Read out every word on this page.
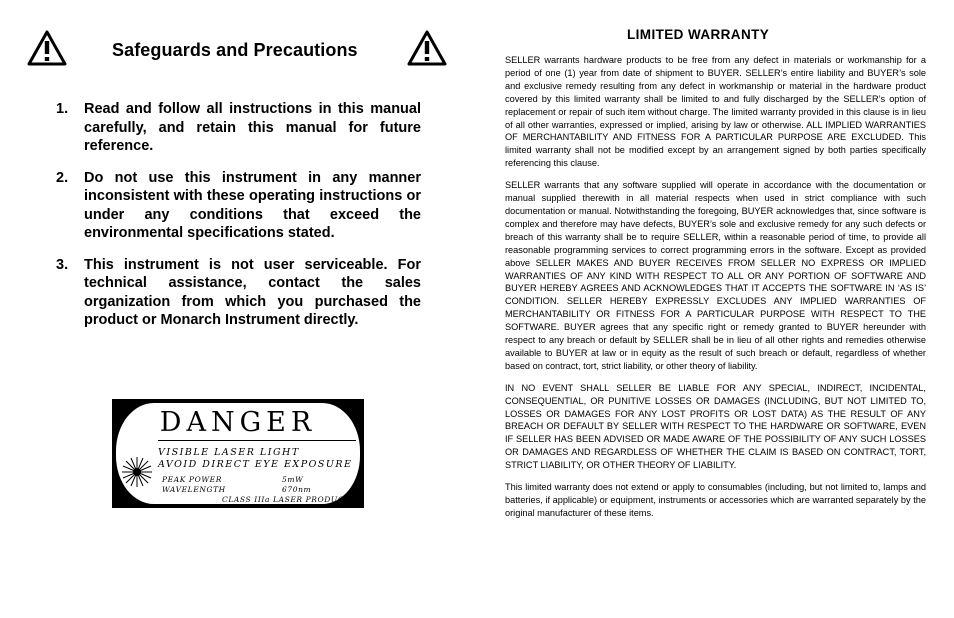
Safeguards and Precautions
1. Read and follow all instructions in this manual carefully, and retain this manual for future reference.
2. Do not use this instrument in any manner inconsistent with these operating instructions or under any conditions that exceed the environmental specifications stated.
3. This instrument is not user serviceable. For technical assistance, contact the sales organization from which you purchased the product or Monarch Instrument directly.
DANGER
VISIBLE LASER LIGHT
AVOID DIRECT EYE EXPOSURE
PEAK POWER	5mW
WAVELENGTH	670nm
CLASS IIIa LASER PRODUCT
LIMITED WARRANTY

SELLER warrants hardware products to be free from any defect in materials or workmanship for a period of one (1) year from date of shipment to BUYER. SELLER’s entire liability and BUYER’s sole and exclusive remedy resulting from any defect in workmanship or material in the hardware product covered by this limited warranty shall be limited to and fully discharged by the SELLER’s option of replacement or repair of such item without charge. The limited warranty provided in this clause is in lieu of all other warranties, expressed or implied, arising by law or otherwise. ALL IMPLIED WARRANTIES OF MERCHANTABILITY AND FITNESS FOR A PARTICULAR PURPOSE ARE EXCLUDED. This limited warranty shall not be modified except by an arrangement signed by both parties specifically referencing this clause.

SELLER warrants that any software supplied will operate in accordance with the documentation or manual supplied therewith in all material respects when used in strict compliance with such documentation or manual. Notwithstanding the foregoing, BUYER acknowledges that, since software is complex and therefore may have defects, BUYER’s sole and exclusive remedy for any such defects or breach of this warranty shall be to require SELLER, within a reasonable period of time, to provide all reasonable programming services to correct programming errors in the software. Except as provided above SELLER MAKES AND BUYER RECEIVES FROM SELLER NO EXPRESS OR IMPLIED WARRANTIES OF ANY KIND WITH RESPECT TO ALL OR ANY PORTION OF SOFTWARE AND BUYER HEREBY AGREES AND ACKNOWLEDGES THAT IT ACCEPTS THE SOFTWARE IN ‘AS IS’ CONDITION. SELLER HEREBY EXPRESSLY EXCLUDES ANY IMPLIED WARRANTIES OF MERCHANTABILITY OR FITNESS FOR A PARTICULAR PURPOSE WITH RESPECT TO THE SOFTWARE. BUYER agrees that any specific right or remedy granted to BUYER hereunder with respect to any breach or default by SELLER shall be in lieu of all other rights and remedies otherwise available to BUYER at law or in equity as the result of such breach or default, regardless of whether based on contract, tort, strict liability, or other theory of liability.

IN NO EVENT SHALL SELLER BE LIABLE FOR ANY SPECIAL, INDIRECT, INCIDENTAL, CONSEQUENTIAL, OR PUNITIVE LOSSES OR DAMAGES (INCLUDING, BUT NOT LIMITED TO, LOSSES OR DAMAGES FOR ANY LOST PROFITS OR LOST DATA) AS THE RESULT OF ANY BREACH OR DEFAULT BY SELLER WITH RESPECT TO THE HARDWARE OR SOFTWARE, EVEN IF SELLER HAS BEEN ADVISED OR MADE AWARE OF THE POSSIBILITY OF ANY SUCH LOSSES OR DAMAGES AND REGARDLESS OF WHETHER THE CLAIM IS BASED ON CONTRACT, TORT, STRICT LIABILITY, OR OTHER THEORY OF LIABILITY.

This limited warranty does not extend or apply to consumables (including, but not limited to, lamps and batteries, if applicable) or equipment, instruments or accessories which are warranted separately by the original manufacturer of these items.
